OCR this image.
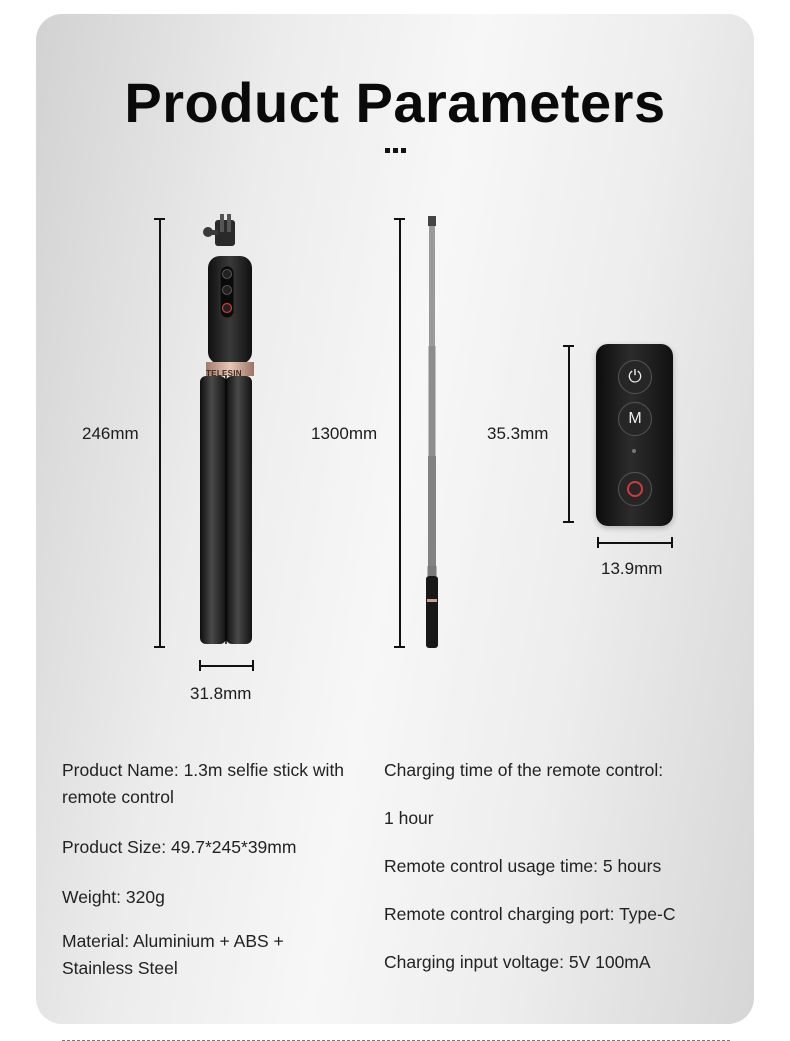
Product Parameters
TELESIN
246mm
31.8mm
1300mm
⏻
M
35.3mm
13.9mm
Product Name: 1.3m selfie stick with remote control
Product Size: 49.7*245*39mm
Weight: 320g
Material: Aluminium + ABS + Stainless Steel
Charging time of the remote control:
1 hour
Remote control usage time: 5 hours
Remote control charging port: Type-C
Charging input voltage: 5V 100mA
